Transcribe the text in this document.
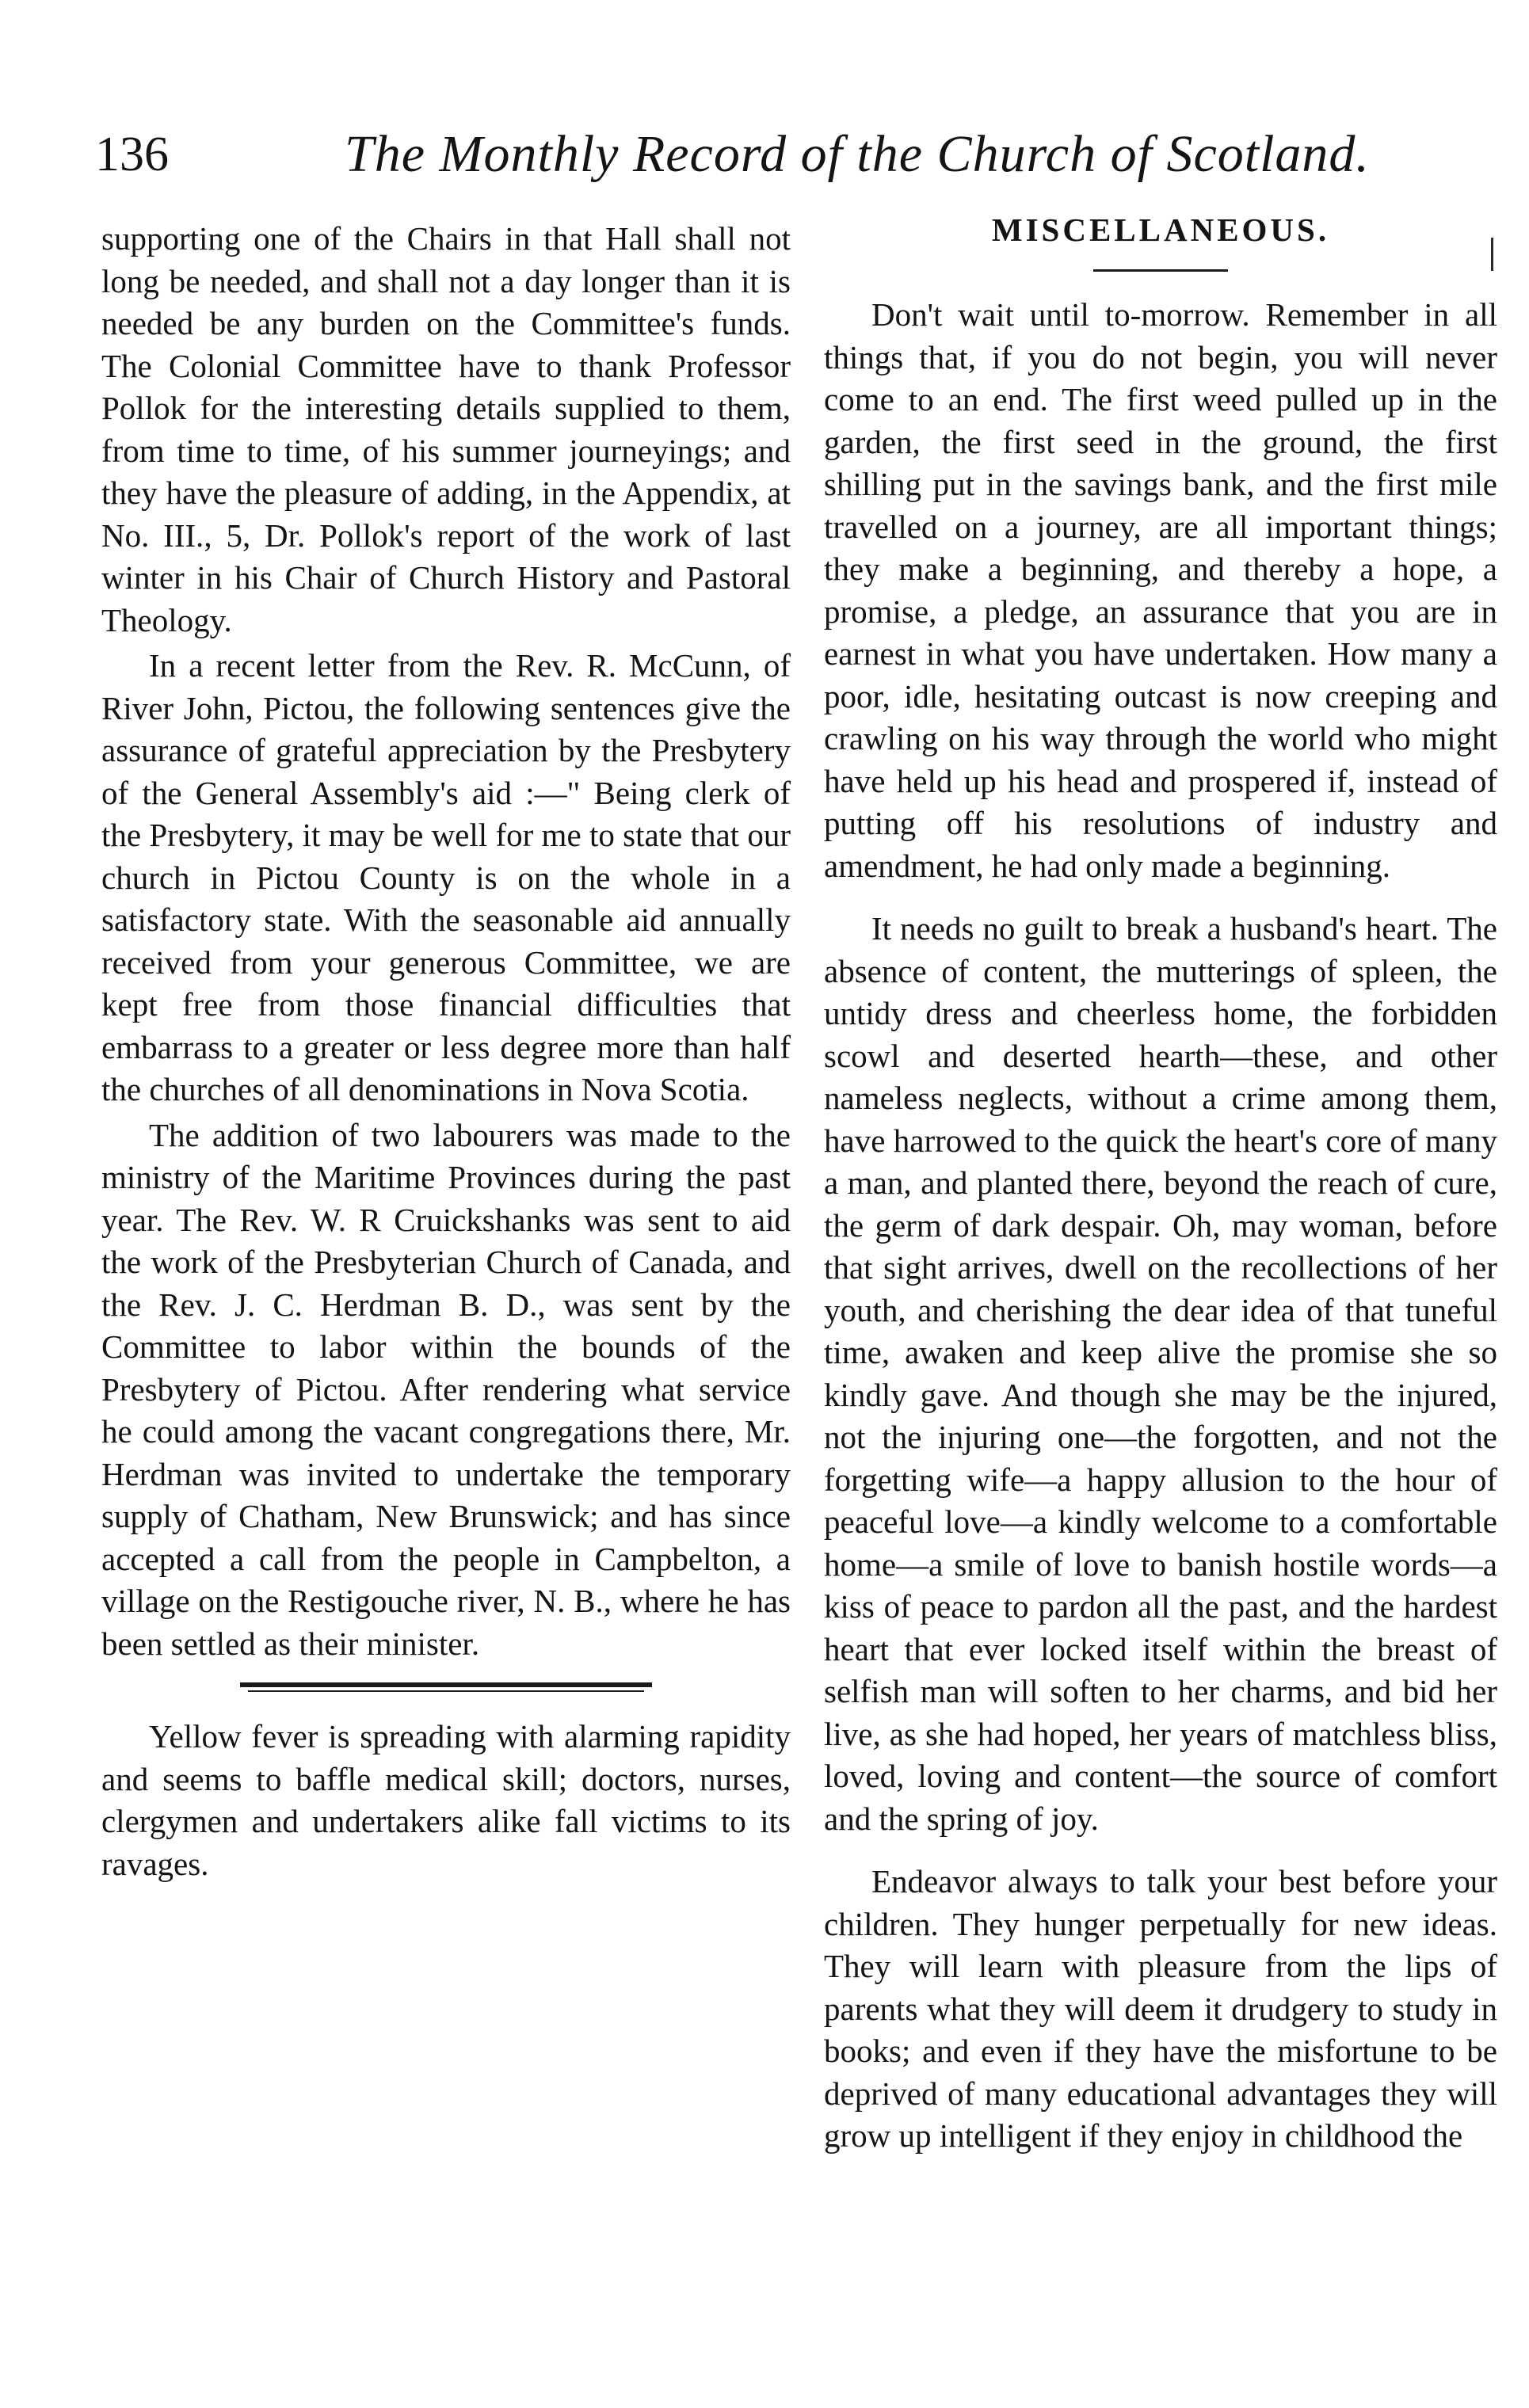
136	The Monthly Record of the Church of Scotland.

supporting one of the Chairs in that Hall shall not long be needed, and shall not a day longer than it is needed be any burden on the Committee's funds. The Colonial Committee have to thank Professor Pollok for the interesting details supplied to them, from time to time, of his summer journeyings; and they have the pleasure of adding, in the Appendix, at No. III., 5, Dr. Pollok's report of the work of last winter in his Chair of Church History and Pastoral Theology.

In a recent letter from the Rev. R. McCunn, of River John, Pictou, the following sentences give the assurance of grateful appreciation by the Presbytery of the General Assembly's aid :—" Being clerk of the Presbytery, it may be well for me to state that our church in Pictou County is on the whole in a satisfactory state. With the seasonable aid annually received from your generous Committee, we are kept free from those financial difficulties that embarrass to a greater or less degree more than half the churches of all denominations in Nova Scotia.

The addition of two labourers was made to the ministry of the Maritime Provinces during the past year. The Rev. W. R Cruickshanks was sent to aid the work of the Presbyterian Church of Canada, and the Rev. J. C. Herdman B. D., was sent by the Committee to labor within the bounds of the Presbytery of Pictou. After rendering what service he could among the vacant congregations there, Mr. Herdman was invited to undertake the temporary supply of Chatham, New Brunswick; and has since accepted a call from the people in Campbelton, a village on the Restigouche river, N. B., where he has been settled as their minister.

Yellow fever is spreading with alarming rapidity and seems to baffle medical skill; doctors, nurses, clergymen and undertakers alike fall victims to its ravages.

MISCELLANEOUS.

Don't wait until to-morrow. Remember in all things that, if you do not begin, you will never come to an end. The first weed pulled up in the garden, the first seed in the ground, the first shilling put in the savings bank, and the first mile travelled on a journey, are all important things; they make a beginning, and thereby a hope, a promise, a pledge, an assurance that you are in earnest in what you have undertaken. How many a poor, idle, hesitating outcast is now creeping and crawling on his way through the world who might have held up his head and prospered if, instead of putting off his resolutions of industry and amendment, he had only made a beginning.

It needs no guilt to break a husband's heart. The absence of content, the mutterings of spleen, the untidy dress and cheerless home, the forbidden scowl and deserted hearth—these, and other nameless neglects, without a crime among them, have harrowed to the quick the heart's core of many a man, and planted there, beyond the reach of cure, the germ of dark despair. Oh, may woman, before that sight arrives, dwell on the recollections of her youth, and cherishing the dear idea of that tuneful time, awaken and keep alive the promise she so kindly gave. And though she may be the injured, not the injuring one—the forgotten, and not the forgetting wife—a happy allusion to the hour of peaceful love—a kindly welcome to a comfortable home—a smile of love to banish hostile words—a kiss of peace to pardon all the past, and the hardest heart that ever locked itself within the breast of selfish man will soften to her charms, and bid her live, as she had hoped, her years of matchless bliss, loved, loving and content—the source of comfort and the spring of joy.

Endeavor always to talk your best before your children. They hunger perpetually for new ideas. They will learn with pleasure from the lips of parents what they will deem it drudgery to study in books; and even if they have the misfortune to be deprived of many educational advantages they will grow up intelligent if they enjoy in childhood the
